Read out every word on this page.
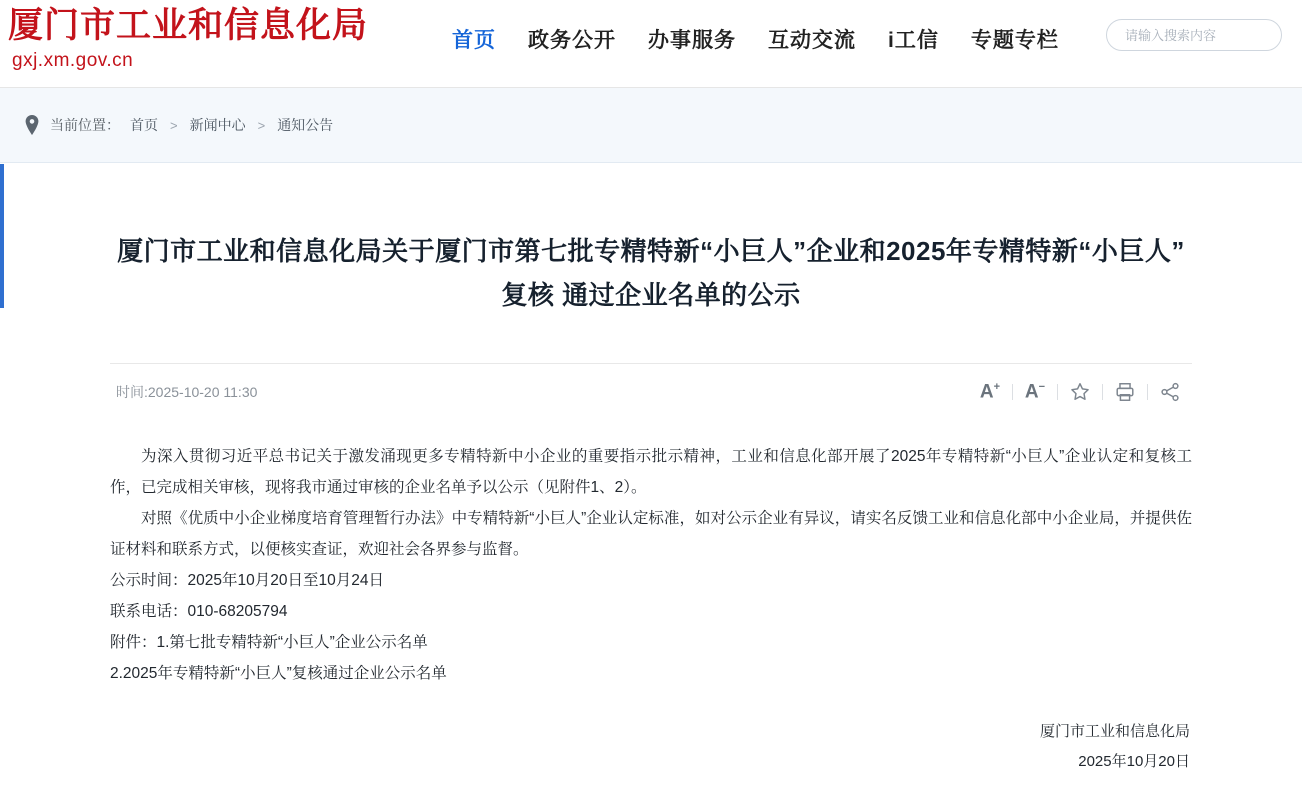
厦门市工业和信息化局
gxj.xm.gov.cn
首页 政务公开 办事服务 互动交流 i工信 专题专栏
请输入搜索内容
当前位置： 首页 > 新闻中心 > 通知公告
厦门市工业和信息化局关于厦门市第七批专精特新“小巨人”企业和2025年专精特新“小巨人”复核 通过企业名单的公示
时间:2025-10-20 11:30	A+ A−

为深入贯彻习近平总书记关于激发涌现更多专精特新中小企业的重要指示批示精神，工业和信息化部开展了2025年专精特新“小巨人”企业认定和复核工作，已完成相关审核，现将我市通过审核的企业名单予以公示（见附件1、2）。

对照《优质中小企业梯度培育管理暂行办法》中专精特新“小巨人”企业认定标准，如对公示企业有异议，请实名反馈工业和信息化部中小企业局，并提供佐证材料和联系方式，以便核实查证，欢迎社会各界参与监督。

公示时间：2025年10月20日至10月24日

联系电话：010-68205794

附件：1.第七批专精特新“小巨人”企业公示名单

2.2025年专精特新“小巨人”复核通过企业公示名单

厦门市工业和信息化局
2025年10月20日
